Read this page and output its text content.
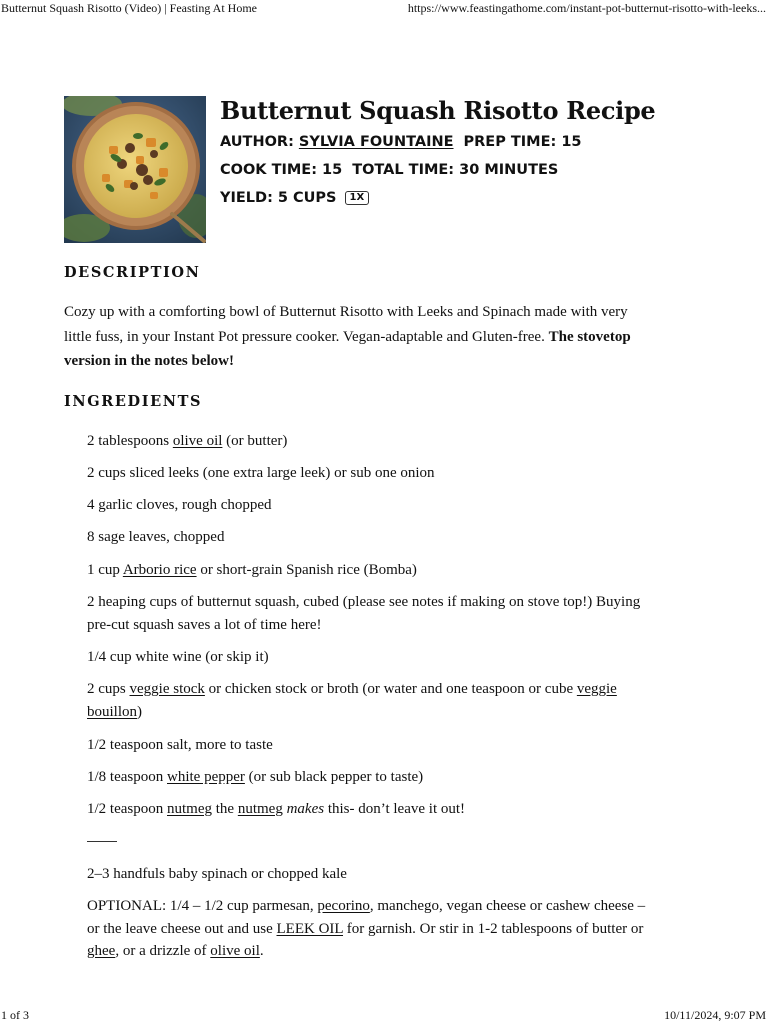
Butternut Squash Risotto (Video) | Feasting At Home	https://www.feastingathome.com/instant-pot-butternut-risotto-with-leeks...
Butternut Squash Risotto Recipe
AUTHOR: SYLVIA FOUNTAINE PREP TIME: 15
COOK TIME: 15 TOTAL TIME: 30 MINUTES
YIELD: 5 CUPS 1X
DESCRIPTION

Cozy up with a comforting bowl of Butternut Risotto with Leeks and Spinach made with very little fuss, in your Instant Pot pressure cooker. Vegan-adaptable and Gluten-free. The stovetop version in the notes below!

INGREDIENTS
2 tablespoons olive oil (or butter)
2 cups sliced leeks (one extra large leek) or sub one onion
4 garlic cloves, rough chopped
8 sage leaves, chopped
1 cup Arborio rice or short-grain Spanish rice (Bomba)
2 heaping cups of butternut squash, cubed (please see notes if making on stove top!) Buying pre-cut squash saves a lot of time here!
1/4 cup white wine (or skip it)
2 cups veggie stock or chicken stock or broth (or water and one teaspoon or cube veggie bouillon)
1/2 teaspoon salt, more to taste
1/8 teaspoon white pepper (or sub black pepper to taste)
1/2 teaspoon nutmeg the nutmeg makes this- don’t leave it out!
2–3 handfuls baby spinach or chopped kale
OPTIONAL: 1/4 – 1/2 cup parmesan, pecorino, manchego, vegan cheese or cashew cheese – or the leave cheese out and use LEEK OIL for garnish. Or stir in 1-2 tablespoons of butter or ghee, or a drizzle of olive oil.
1 of 3	10/11/2024, 9:07 PM
